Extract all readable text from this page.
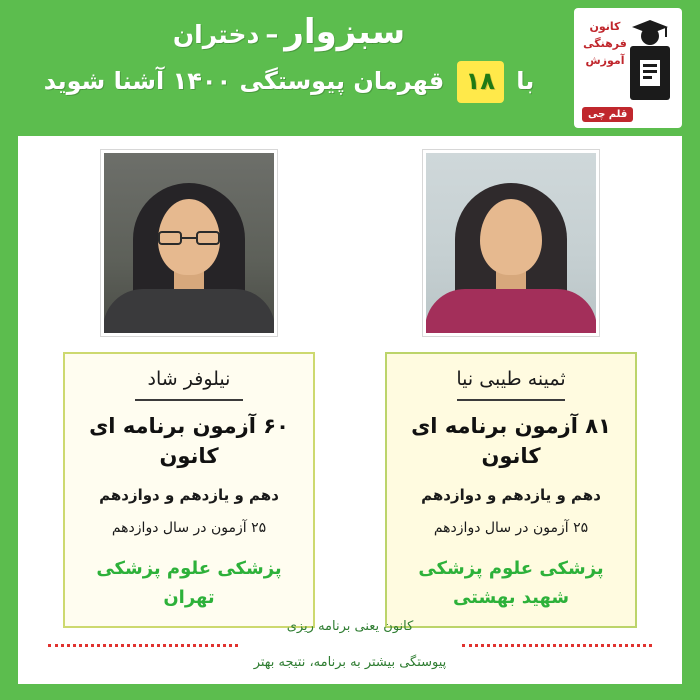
کانون
فرهنگی
آموزش
قلم چی
سبزوار–دختران
با ۱۸ قهرمان پیوستگی ۱۴۰۰ آشنا شوید
ثمینه طیبی نیا
۸۱ آزمون برنامه ای کانون
دهم و یازدهم و دوازدهم
۲۵ آزمون در سال دوازدهم
پزشکی علوم پزشکی شهید بهشتی
نیلوفر شاد
۶۰ آزمون برنامه ای کانون
دهم و یازدهم و دوازدهم
۲۵ آزمون در سال دوازدهم
پزشکی علوم پزشکی تهران
کانون یعنی برنامه ریزی
پیوستگی بیشتر به برنامه، نتیجه بهتر
